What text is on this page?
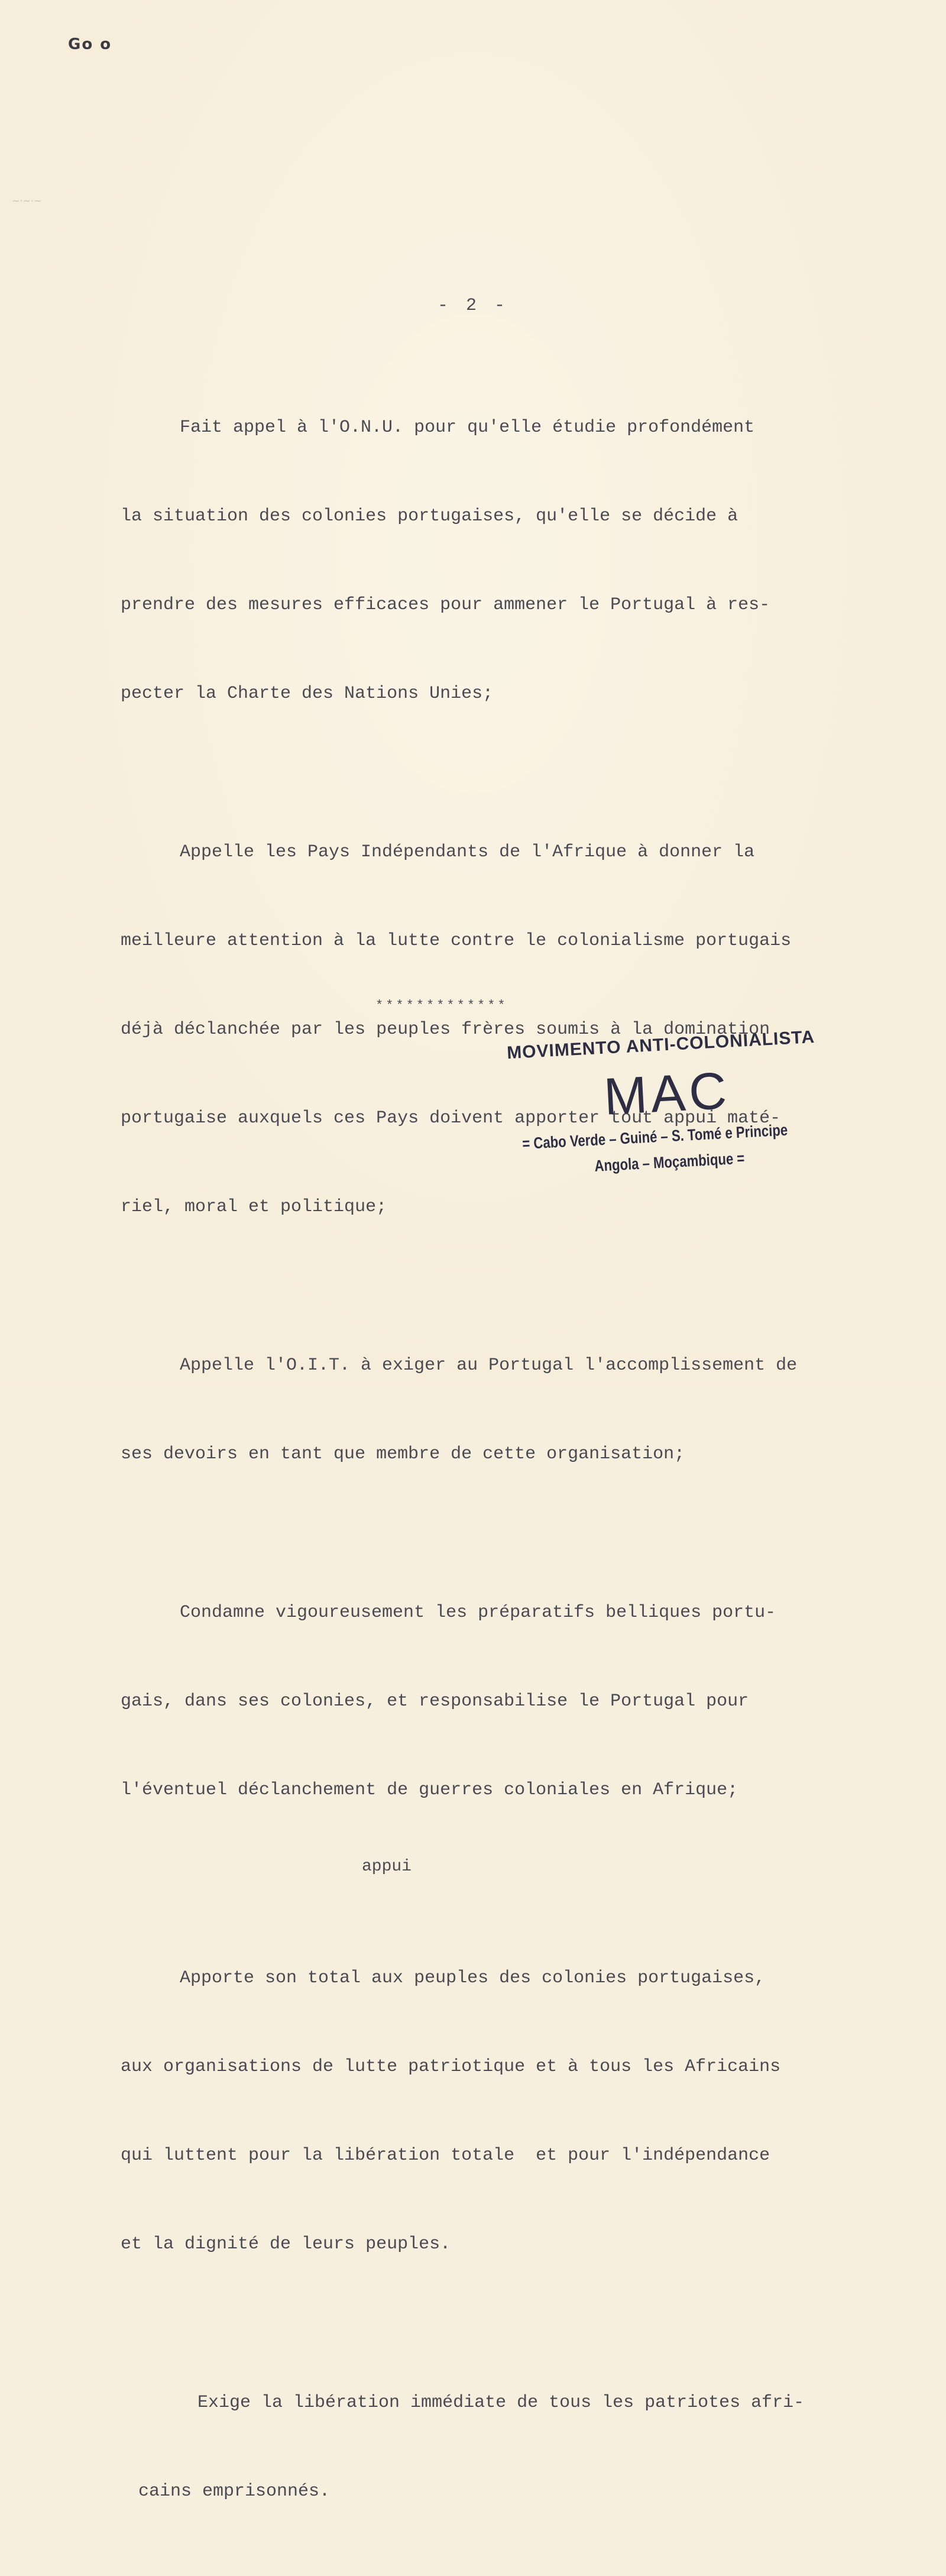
Go o
~·~·~
- 2 -

Fait appel à l'O.N.U. pour qu'elle étudie profondément

la situation des colonies portugaises, qu'elle se décide à

prendre des mesures efficaces pour ammener le Portugal à res-

pecter la Charte des Nations Unies;

Appelle les Pays Indépendants de l'Afrique à donner la

meilleure attention à la lutte contre le colonialisme portugais

déjà déclanchée par les peuples frères soumis à la domination

portugaise auxquels ces Pays doivent apporter tout appui maté-

riel, moral et politique;

Appelle l'O.I.T. à exiger au Portugal l'accomplissement de

ses devoirs en tant que membre de cette organisation;

Condamne vigoureusement les préparatifs belliques portu-

gais, dans ses colonies, et responsabilise le Portugal pour

l'éventuel déclanchement de guerres coloniales en Afrique;

appui

Apporte son total aux peuples des colonies portugaises,

aux organisations de lutte patriotique et à tous les Africains

qui luttent pour la libération totale  et pour l'indépendance

et la dignité de leurs peuples.

Exige la libération immédiate de tous les patriotes afri-

cains emprisonnés.

*************
MOVIMENTO ANTI-COLONIALISTA
MAC
= Cabo Verde – Guiné – S. Tomé e Principe
Angola – Moçambique =
